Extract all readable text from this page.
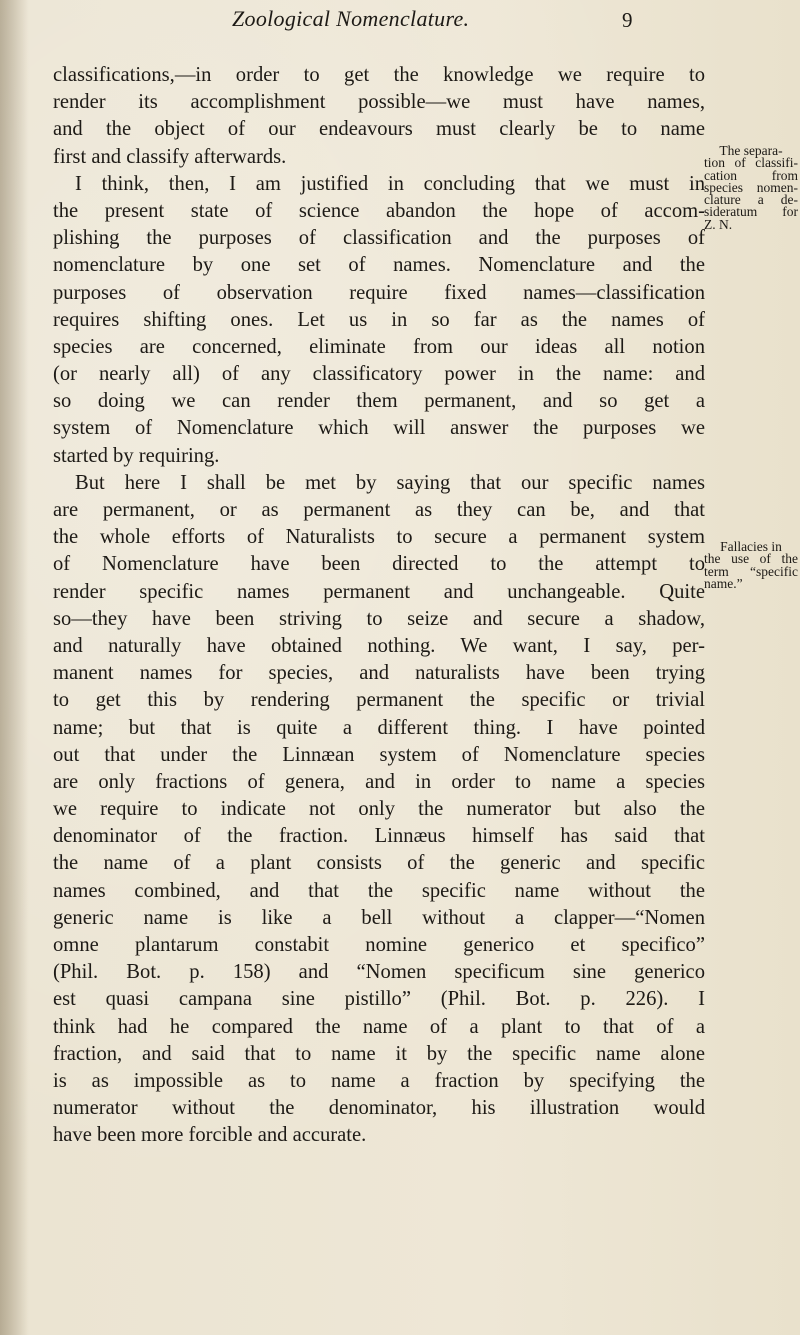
Zoological Nomenclature.	9
classifications,—in order to get the knowledge we require to
render its accomplishment possible—we must have names,
and the object of our endeavours must clearly be to name
first and classify afterwards.
I think, then, I am justified in concluding that we must in
the present state of science abandon the hope of accom-
plishing the purposes of classification and the purposes of
nomenclature by one set of names. Nomenclature and the
purposes of observation require fixed names—classification
requires shifting ones. Let us in so far as the names of
species are concerned, eliminate from our ideas all notion
(or nearly all) of any classificatory power in the name: and
so doing we can render them permanent, and so get a
system of Nomenclature which will answer the purposes we
started by requiring.
But here I shall be met by saying that our specific names
are permanent, or as permanent as they can be, and that
the whole efforts of Naturalists to secure a permanent system
of Nomenclature have been directed to the attempt to
render specific names permanent and unchangeable. Quite
so—they have been striving to seize and secure a shadow,
and naturally have obtained nothing. We want, I say, per-
manent names for species, and naturalists have been trying
to get this by rendering permanent the specific or trivial
name; but that is quite a different thing. I have pointed
out that under the Linnæan system of Nomenclature species
are only fractions of genera, and in order to name a species
we require to indicate not only the numerator but also the
denominator of the fraction. Linnæus himself has said that
the name of a plant consists of the generic and specific
names combined, and that the specific name without the
generic name is like a bell without a clapper—“Nomen
omne plantarum constabit nomine generico et specifico”
(Phil. Bot. p. 158) and “Nomen specificum sine generico
est quasi campana sine pistillo” (Phil. Bot. p. 226). I
think had he compared the name of a plant to that of a
fraction, and said that to name it by the specific name alone
is as impossible as to name a fraction by specifying the
numerator without the denominator, his illustration would
have been more forcible and accurate.
The separa-
tion of classifi-
cation from
species nomen-
clature a de-
sideratum for
Z. N.
Fallacies in
the use of the
term “specific
name.”
